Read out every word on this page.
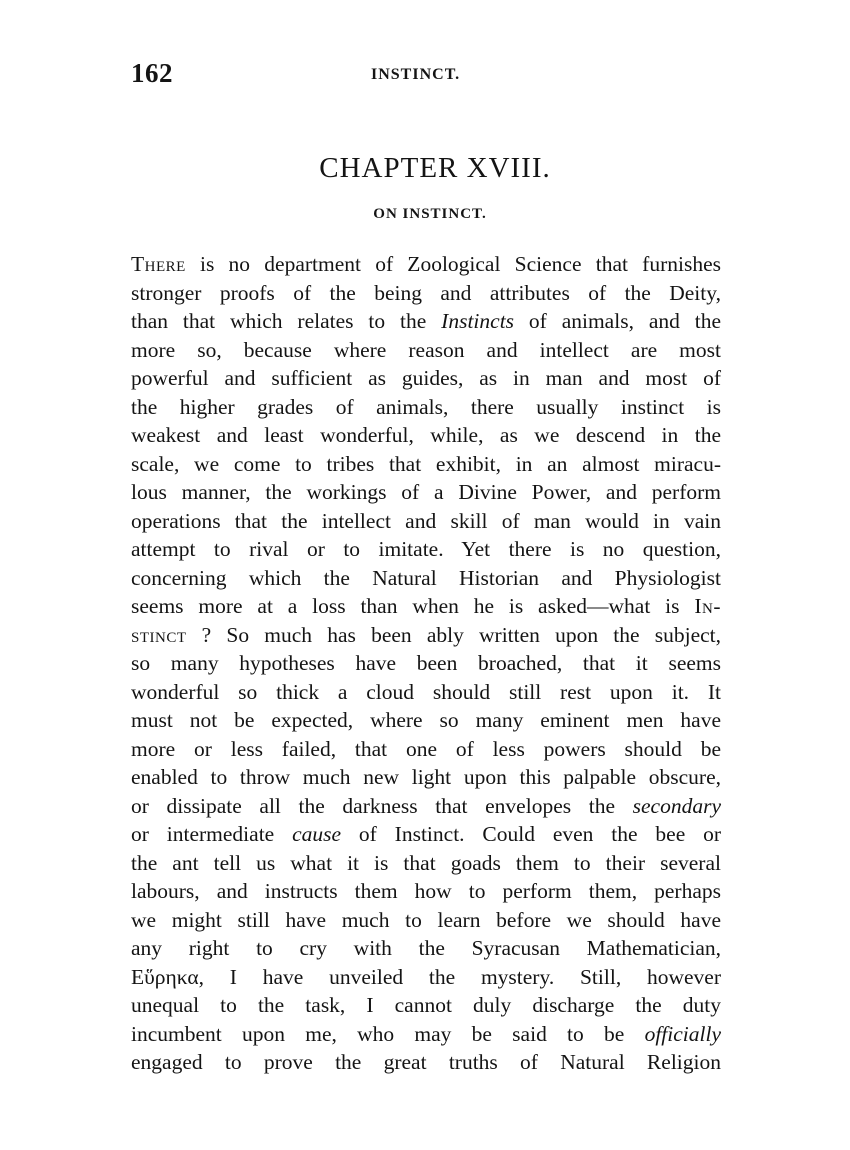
162	INSTINCT.
CHAPTER XVIII.
ON INSTINCT.
There is no department of Zoological Science that furnishes
stronger proofs of the being and attributes of the Deity,
than that which relates to the Instincts of animals, and the
more so, because where reason and intellect are most
powerful and sufficient as guides, as in man and most of
the higher grades of animals, there usually instinct is
weakest and least wonderful, while, as we descend in the
scale, we come to tribes that exhibit, in an almost miracu-
lous manner, the workings of a Divine Power, and perform
operations that the intellect and skill of man would in vain
attempt to rival or to imitate. Yet there is no question,
concerning which the Natural Historian and Physiologist
seems more at a loss than when he is asked—what is In-
stinct ? So much has been ably written upon the subject,
so many hypotheses have been broached, that it seems
wonderful so thick a cloud should still rest upon it. It
must not be expected, where so many eminent men have
more or less failed, that one of less powers should be
enabled to throw much new light upon this palpable obscure,
or dissipate all the darkness that envelopes the secondary
or intermediate cause of Instinct. Could even the bee or
the ant tell us what it is that goads them to their several
labours, and instructs them how to perform them, perhaps
we might still have much to learn before we should have
any right to cry with the Syracusan Mathematician,
Εὕρηκα, I have unveiled the mystery. Still, however
unequal to the task, I cannot duly discharge the duty
incumbent upon me, who may be said to be officially
engaged to prove the great truths of Natural Religion
